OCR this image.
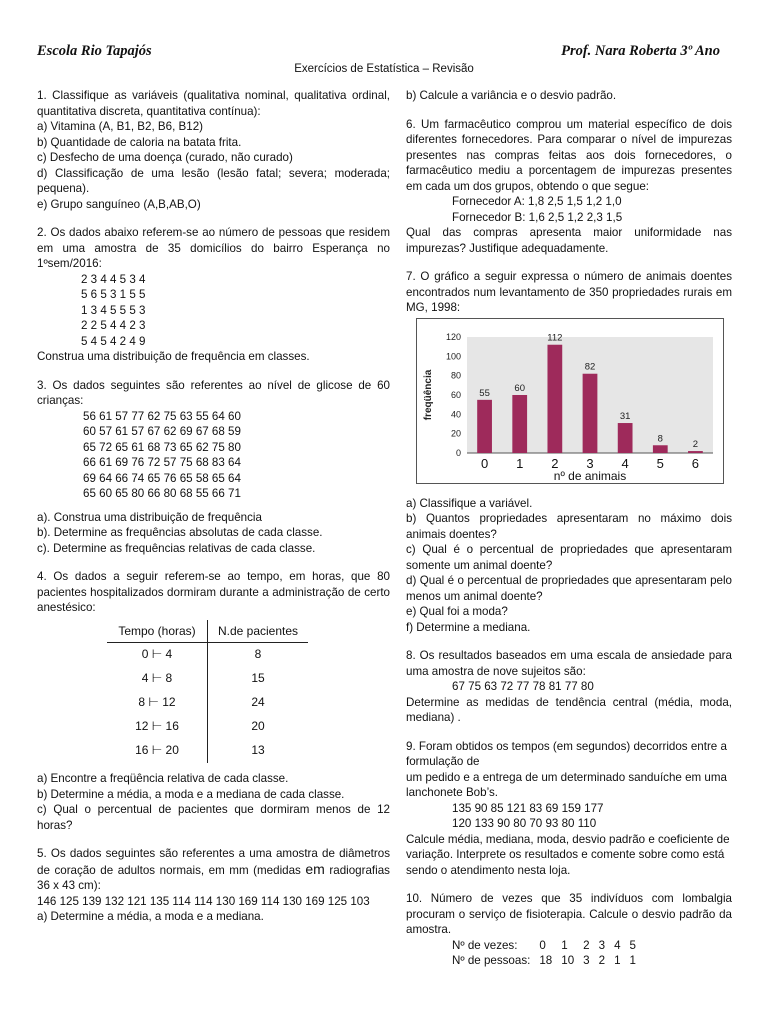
Escola Rio Tapajós	Prof. Nara Roberta 3º Ano
Exercícios de Estatística – Revisão

1. Classifique as variáveis (qualitativa nominal, qualitativa ordinal, quantitativa discreta, quantitativa contínua):

a) Vitamina (A, B1, B2, B6, B12)

b) Quantidade de caloria na batata frita.

c) Desfecho de uma doença (curado, não curado)

d) Classificação de uma lesão (lesão fatal; severa; moderada; pequena).

e) Grupo sanguíneo (A,B,AB,O)

2. Os dados abaixo referem-se ao número de pessoas que residem em uma amostra de 35 domicílios do bairro Esperança no 1ºsem/2016:

2 3 4 4 5 3 4

5 6 5 3 1 5 5

1 3 4 5 5 5 3

2 2 5 4 4 2 3

5 4 5 4 2 4 9

Construa uma distribuição de frequência em classes.

3. Os dados seguintes são referentes ao nível de glicose de 60 crianças:

56 61 57 77 62 75 63 55 64 60

60 57 61 57 67 62 69 67 68 59

65 72 65 61 68 73 65 62 75 80

66 61 69 76 72 57 75 68 83 64

69 64 66 74 65 76 65 58 65 64

65 60 65 80 66 80 68 55 66 71

a). Construa uma distribuição de frequência

b). Determine as frequências absolutas de cada classe.

c). Determine as frequências relativas de cada classe.

4. Os dados a seguir referem-se ao tempo, em horas, que 80 pacientes hospitalizados dormiram durante a administração de certo anestésico:

Tempo (horas)	N.de pacientes
0 ⊢ 4	8
4 ⊢ 8	15
8 ⊢ 12	24
12 ⊢ 16	20
16 ⊢ 20	13

a) Encontre a freqüência relativa de cada classe.

b) Determine a média, a moda e a mediana de cada classe.

c) Qual o percentual de pacientes que dormiram menos de 12 horas?

5. Os dados seguintes são referentes a uma amostra de diâmetros de coração de adultos normais, em mm (medidas em radiografias 36 x 43 cm):

146 125 139 132 121 135 114 114 130 169 114 130 169 125 103

a) Determine a média, a moda e a mediana.

b) Calcule a variância e o desvio padrão.

6. Um farmacêutico comprou um material específico de dois diferentes fornecedores. Para comparar o nível de impurezas presentes nas compras feitas aos dois fornecedores, o farmacêutico mediu a porcentagem de impurezas presentes em cada um dos grupos, obtendo o que segue:

Fornecedor A: 1,8 2,5 1,5 1,2 1,0

Fornecedor B: 1,6 2,5 1,2 2,3 1,5

Qual das compras apresenta maior uniformidade nas impurezas? Justifique adequadamente.

7. O gráfico a seguir expressa o número de animais doentes encontrados num levantamento de 350 propriedades rurais em MG, 1998:

0
20
40
60
80
100
120
freqüência	55
0
60
1
112
2
82
3
31
4
8
5
2
6
nº de animais

a) Classifique a variável.

b) Quantos propriedades apresentaram no máximo dois animais doentes?

c) Qual é o percentual de propriedades que apresentaram somente um animal doente?

d) Qual é o percentual de propriedades que apresentaram pelo menos um animal doente?

e) Qual foi a moda?

f) Determine a mediana.

8. Os resultados baseados em uma escala de ansiedade para uma amostra de nove sujeitos são:

67 75 63 72 77 78 81 77 80

Determine as medidas de tendência central (média, moda, mediana) .

9. Foram obtidos os tempos (em segundos) decorridos entre a formulação de

um pedido e a entrega de um determinado sanduíche em uma lanchonete Bob’s.

135 90 85 121 83 69 159 177

120 133 90 80 70 93 80 110

Calcule média, mediana, moda, desvio padrão e coeficiente de variação. Interprete os resultados e comente sobre como está sendo o atendimento nesta loja.

10. Número de vezes que 35 indivíduos com lombalgia procuram o serviço de fisioterapia. Calcule o desvio padrão da amostra.

Nº de vezes:	0	1	2	3	4	5
Nº de pessoas:	18	10	3	2	1	1
